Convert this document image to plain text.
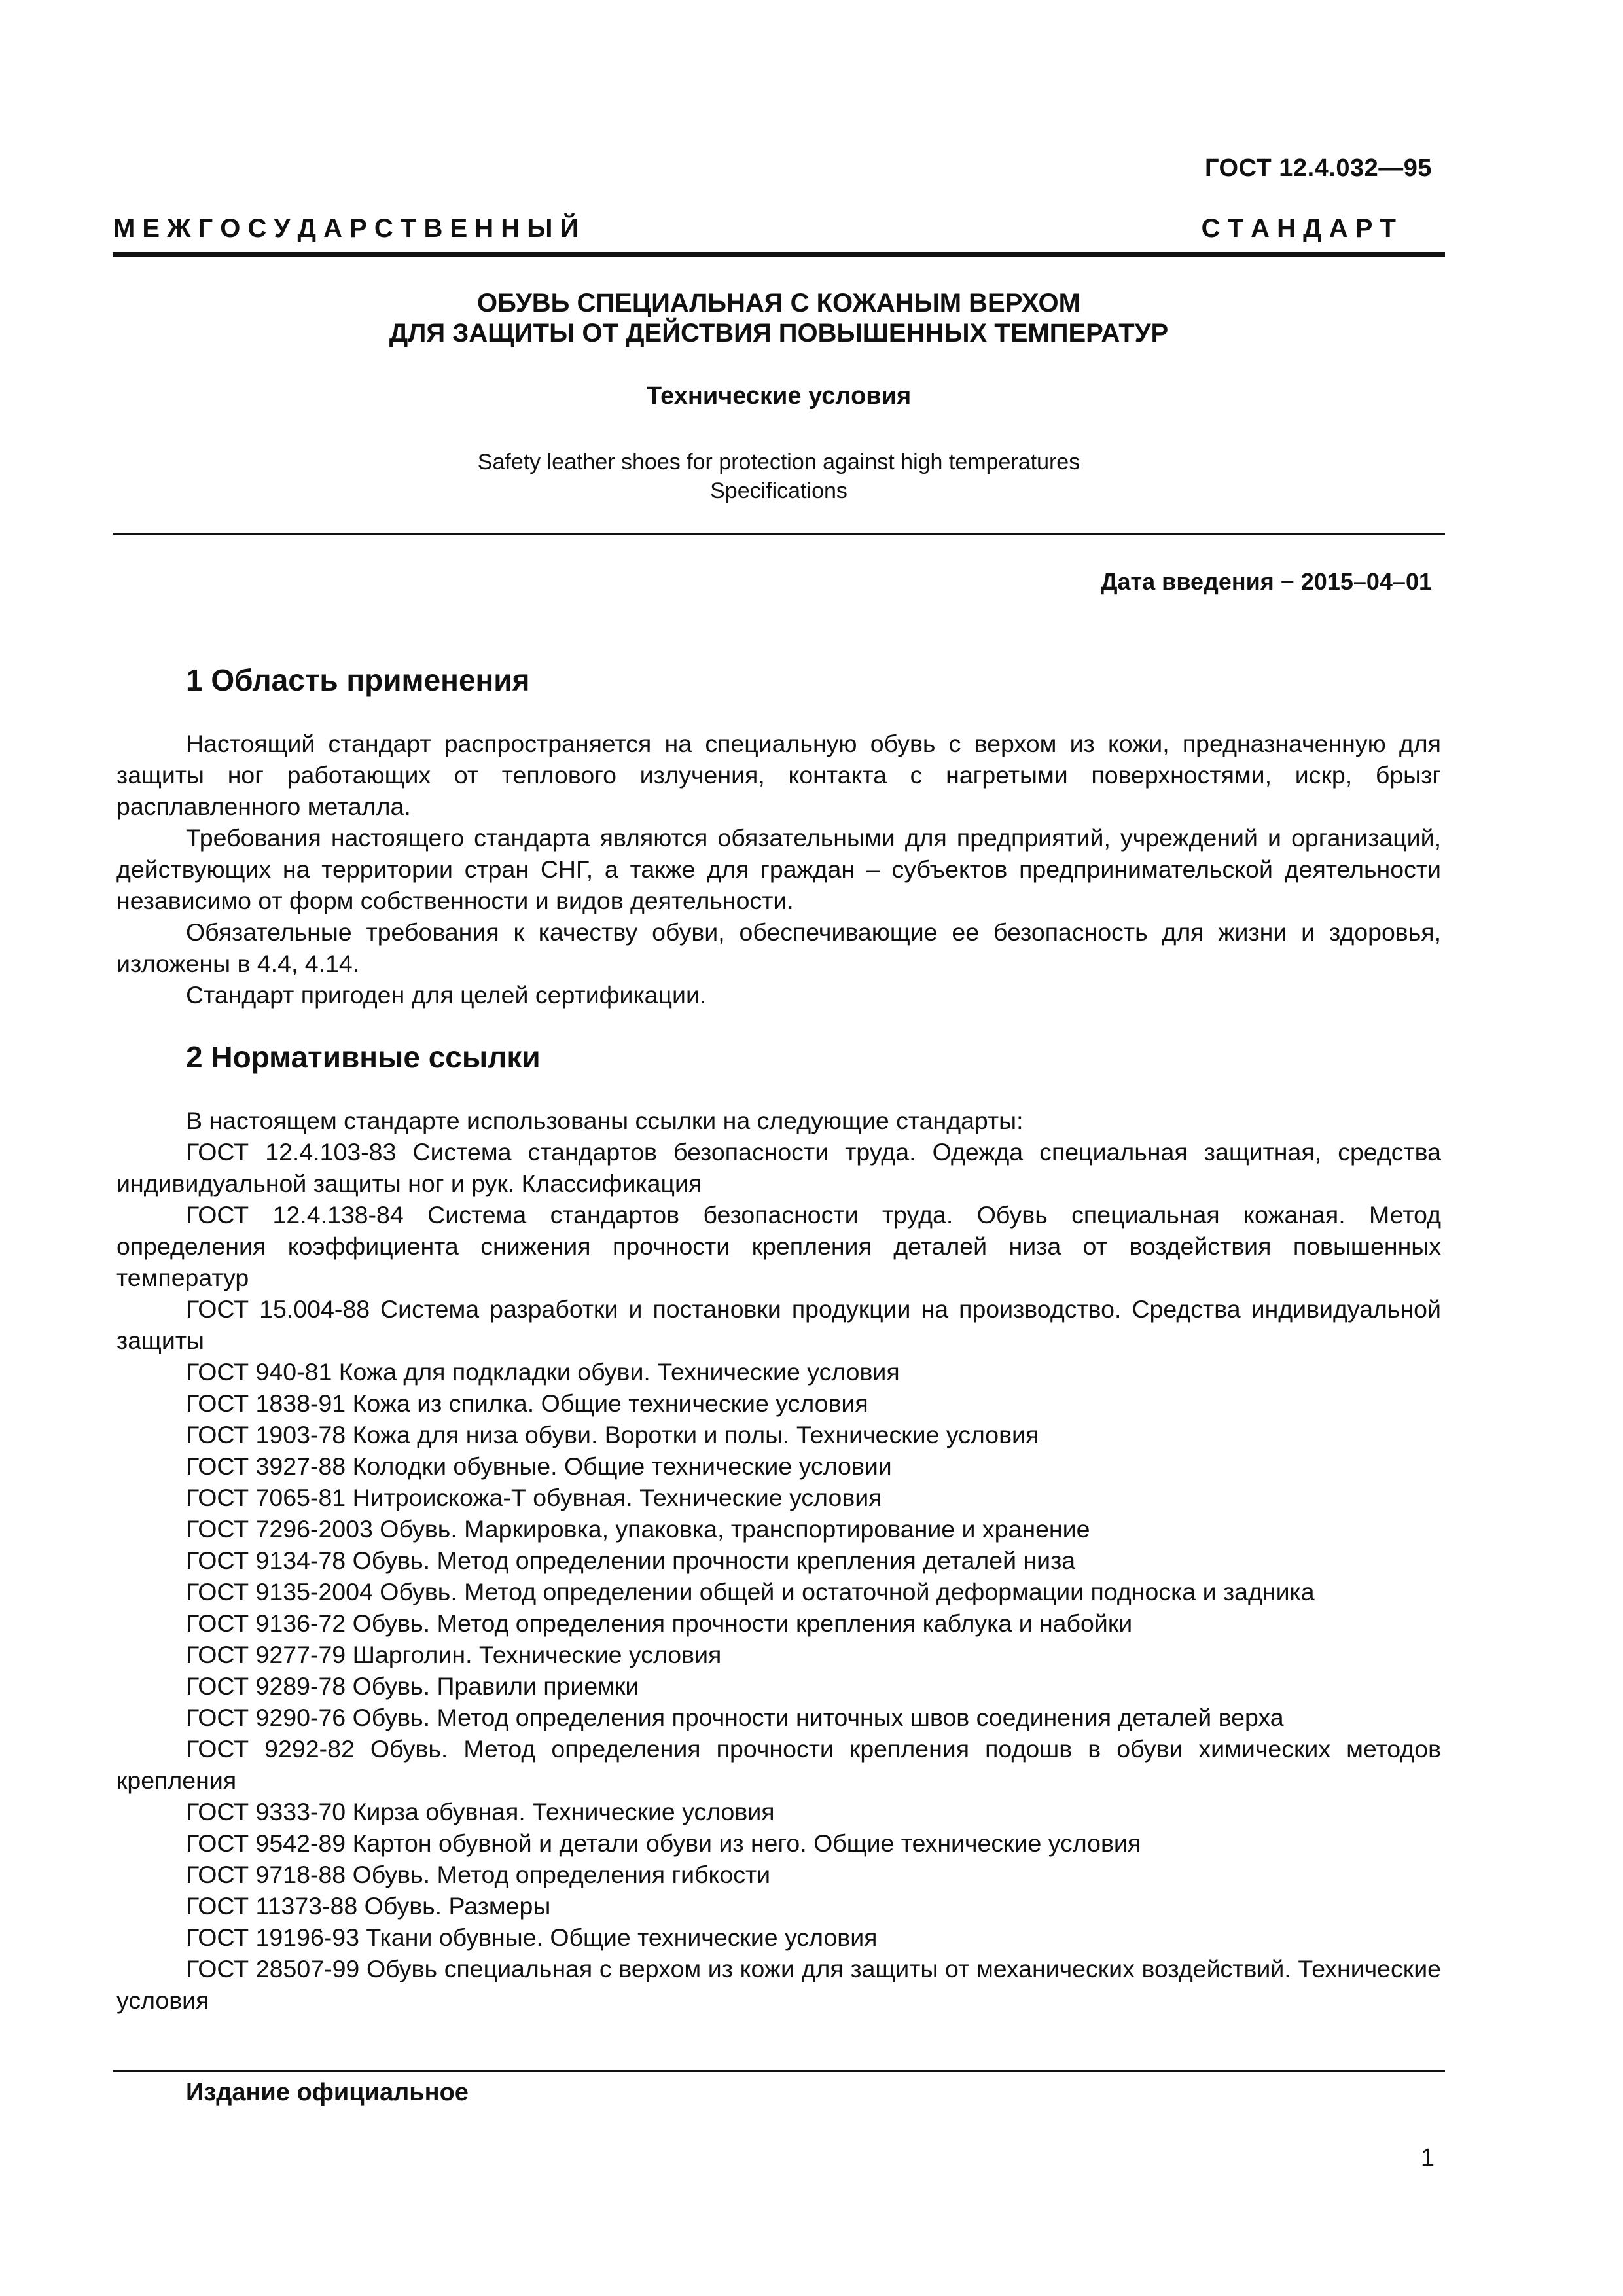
ГОСТ 12.4.032—95
М Е Ж Г О С У Д А Р С Т В Е Н Н Ы Й	С Т А Н Д А Р Т
ОБУВЬ СПЕЦИАЛЬНАЯ С КОЖАНЫМ ВЕРХОМ
ДЛЯ ЗАЩИТЫ ОТ ДЕЙСТВИЯ ПОВЫШЕННЫХ ТЕМПЕРАТУР
Технические условия
Safety leather shoes for protection against high temperatures
Specifications
Дата введения − 2015–04–01
1 Область применения

Настоящий стандарт распространяется на специальную обувь с верхом из кожи, предназначенную для защиты ног работающих от теплового излучения, контакта с нагретыми поверхностями, искр, брызг расплавленного металла.

Требования настоящего стандарта являются обязательными для предприятий, учреждений и организаций, действующих на территории стран СНГ, а также для граждан – субъектов предпринимательской деятельности независимо от форм собственности и видов деятельности.

Обязательные требования к качеству обуви, обеспечивающие ее безопасность для жизни и здоровья, изложены в 4.4, 4.14.

Стандарт пригоден для целей сертификации.

2 Нормативные ссылки

В настоящем стандарте использованы ссылки на следующие стандарты:

ГОСТ 12.4.103-83 Система стандартов безопасности труда. Одежда специальная защитная, средства индивидуальной защиты ног и рук. Классификация

ГОСТ 12.4.138-84 Система стандартов безопасности труда. Обувь специальная кожаная. Метод определения коэффициента снижения прочности крепления деталей низа от воздействия повышенных температур

ГОСТ 15.004-88 Система разработки и постановки продукции на производство. Средства индивидуальной защиты

ГОСТ 940-81 Кожа для подкладки обуви. Технические условия

ГОСТ 1838-91 Кожа из спилка. Общие технические условия

ГОСТ 1903-78 Кожа для низа обуви. Воротки и полы. Технические условия

ГОСТ 3927-88 Колодки обувные. Общие технические условии

ГОСТ 7065-81 Нитроискожа-Т обувная. Технические условия

ГОСТ 7296-2003 Обувь. Маркировка, упаковка, транспортирование и хранение

ГОСТ 9134-78 Обувь. Метод определении прочности крепления деталей низа

ГОСТ 9135-2004 Обувь. Метод определении общей и остаточной деформации подноска и задника

ГОСТ 9136-72 Обувь. Метод определения прочности крепления каблука и набойки

ГОСТ 9277-79 Шарголин. Технические условия

ГОСТ 9289-78 Обувь. Правили приемки

ГОСТ 9290-76 Обувь. Метод определения прочности ниточных швов соединения деталей верха

ГОСТ 9292-82 Обувь. Метод определения прочности крепления подошв в обуви химических методов крепления

ГОСТ 9333-70 Кирза обувная. Технические условия

ГОСТ 9542-89 Картон обувной и детали обуви из него. Общие технические условия

ГОСТ 9718-88 Обувь. Метод определения гибкости

ГОСТ 11373-88 Обувь. Размеры

ГОСТ 19196-93 Ткани обувные. Общие технические условия

ГОСТ 28507-99 Обувь специальная с верхом из кожи для защиты от механических воздействий. Технические условия

Издание официальное
1
